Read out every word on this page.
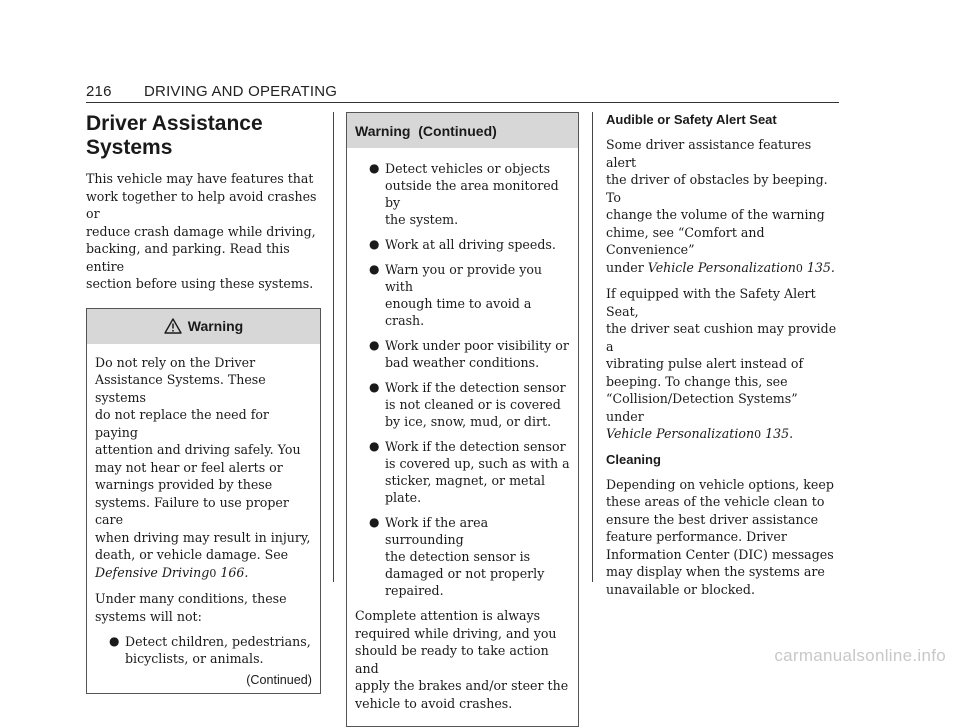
216 DRIVING AND OPERATING
Driver Assistance
Systems

This vehicle may have features that
work together to help avoid crashes or
reduce crash damage while driving,
backing, and parking. Read this entire
section before using these systems.

Warning

Do not rely on the Driver
Assistance Systems. These systems
do not replace the need for paying
attention and driving safely. You
may not hear or feel alerts or
warnings provided by these
systems. Failure to use proper care
when driving may result in injury,
death, or vehicle damage. See
Defensive Driving0 166.

Under many conditions, these
systems will not:

● Detect children, pedestrians,
bicyclists, or animals.
(Continued)
Warning  (Continued)
● Detect vehicles or objects
outside the area monitored by
the system.
● Work at all driving speeds.
● Warn you or provide you with
enough time to avoid a crash.
● Work under poor visibility or
bad weather conditions.
● Work if the detection sensor
is not cleaned or is covered
by ice, snow, mud, or dirt.
● Work if the detection sensor
is covered up, such as with a
sticker, magnet, or metal
plate.
● Work if the area surrounding
the detection sensor is
damaged or not properly
repaired.

Complete attention is always
required while driving, and you
should be ready to take action and
apply the brakes and/or steer the
vehicle to avoid crashes.

Audible or Safety Alert Seat

Some driver assistance features alert
the driver of obstacles by beeping. To
change the volume of the warning
chime, see “Comfort and Convenience”
under Vehicle Personalization0 135.

If equipped with the Safety Alert Seat,
the driver seat cushion may provide a
vibrating pulse alert instead of
beeping. To change this, see
“Collision/Detection Systems” under
Vehicle Personalization0 135.

Cleaning

Depending on vehicle options, keep
these areas of the vehicle clean to
ensure the best driver assistance
feature performance. Driver
Information Center (DIC) messages
may display when the systems are
unavailable or blocked.

carmanualsonline.info
